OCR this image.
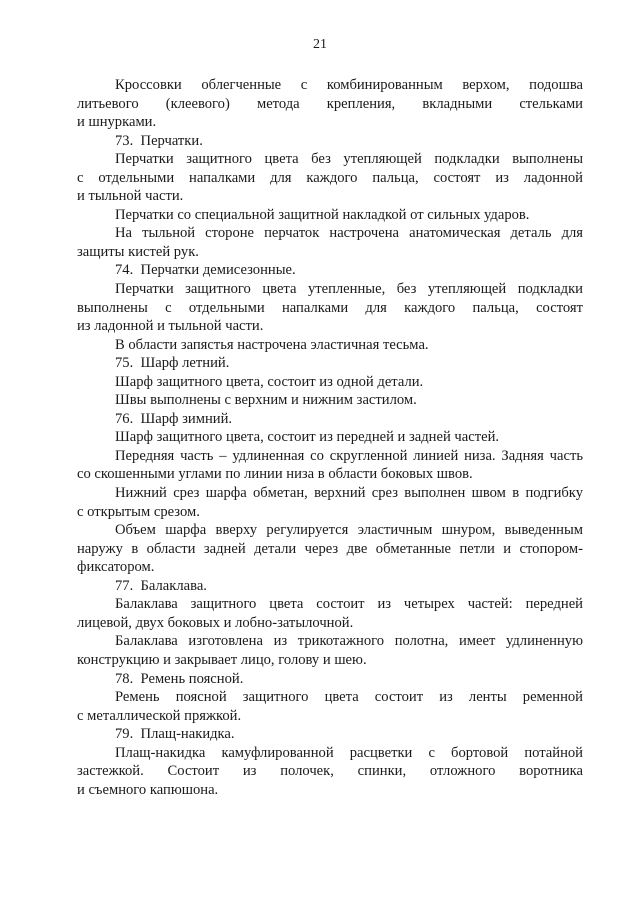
21
Кроссовки облегченные с комбинированным верхом, подошва
литьевого (клеевого) метода крепления, вкладными стельками
и шнурками.
73.  Перчатки.
Перчатки защитного цвета без утепляющей подкладки выполнены
с отдельными напалками для каждого пальца, состоят из ладонной
и тыльной части.
Перчатки со специальной защитной накладкой от сильных ударов.
На тыльной стороне перчаток настрочена анатомическая деталь для
защиты кистей рук.
74.  Перчатки демисезонные.
Перчатки защитного цвета утепленные, без утепляющей подкладки
выполнены с отдельными напалками для каждого пальца, состоят
из ладонной и тыльной части.
В области запястья настрочена эластичная тесьма.
75.  Шарф летний.
Шарф защитного цвета, состоит из одной детали.
Швы выполнены с верхним и нижним застилом.
76.  Шарф зимний.
Шарф защитного цвета, состоит из передней и задней частей.
Передняя часть – удлиненная со скругленной линией низа. Задняя часть
со скошенными углами по линии низа в области боковых швов.
Нижний срез шарфа обметан, верхний срез выполнен швом в подгибку
с открытым срезом.
Объем шарфа вверху регулируется эластичным шнуром, выведенным
наружу в области задней детали через две обметанные петли и стопором-
фиксатором.
77.  Балаклава.
Балаклава защитного цвета состоит из четырех частей: передней
лицевой, двух боковых и лобно-затылочной.
Балаклава изготовлена из трикотажного полотна, имеет удлиненную
конструкцию и закрывает лицо, голову и шею.
78.  Ремень поясной.
Ремень поясной защитного цвета состоит из ленты ременной
с металлической пряжкой.
79.  Плащ-накидка.
Плащ-накидка камуфлированной расцветки с бортовой потайной
застежкой. Состоит из полочек, спинки, отложного воротника
и съемного капюшона.
